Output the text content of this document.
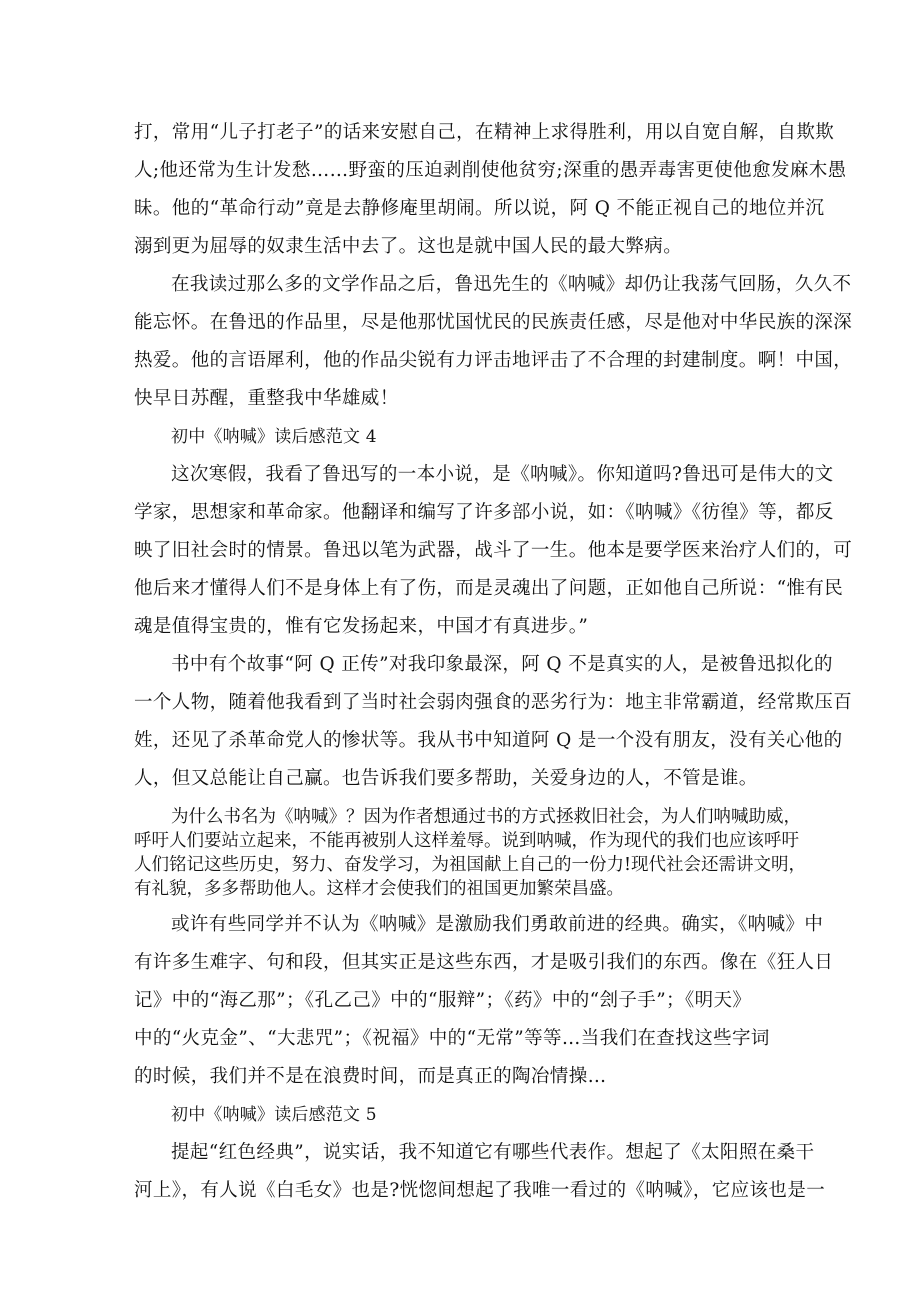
打，常用“儿子打老子”的话来安慰自己，在精神上求得胜利，用以自宽自解，自欺欺
人;他还常为生计发愁……野蛮的压迫剥削使他贫穷;深重的愚弄毒害更使他愈发麻木愚
昧。他的“革命行动”竟是去静修庵里胡闹。所以说，阿 Q 不能正视自己的地位并沉
溺到更为屈辱的奴隶生活中去了。这也是就中国人民的最大弊病。
在我读过那么多的文学作品之后，鲁迅先生的《呐喊》却仍让我荡气回肠，久久不
能忘怀。在鲁迅的作品里，尽是他那忧国忧民的民族责任感，尽是他对中华民族的深深
热爱。他的言语犀利，他的作品尖锐有力评击地评击了不合理的封建制度。啊！中国，
快早日苏醒，重整我中华雄威！
初中《呐喊》读后感范文 4
这次寒假，我看了鲁迅写的一本小说，是《呐喊》。你知道吗?鲁迅可是伟大的文
学家，思想家和革命家。他翻译和编写了许多部小说，如：《呐喊》《彷徨》等，都反
映了旧社会时的情景。鲁迅以笔为武器，战斗了一生。他本是要学医来治疗人们的，可
他后来才懂得人们不是身体上有了伤，而是灵魂出了问题，正如他自己所说：“惟有民
魂是值得宝贵的，惟有它发扬起来，中国才有真进步。”
书中有个故事“阿 Q 正传”对我印象最深，阿 Q 不是真实的人，是被鲁迅拟化的
一个人物，随着他我看到了当时社会弱肉强食的恶劣行为：地主非常霸道，经常欺压百
姓，还见了杀革命党人的惨状等。我从书中知道阿 Q 是一个没有朋友，没有关心他的
人，但又总能让自己赢。也告诉我们要多帮助，关爱身边的人，不管是谁。
为什么书名为《呐喊》？因为作者想通过书的方式拯救旧社会，为人们呐喊助威，
呼吁人们要站立起来，不能再被别人这样羞辱。说到呐喊，作为现代的我们也应该呼吁
人们铭记这些历史，努力、奋发学习，为祖国献上自己的一份力!现代社会还需讲文明，
有礼貌，多多帮助他人。这样才会使我们的祖国更加繁荣昌盛。
或许有些同学并不认为《呐喊》是激励我们勇敢前进的经典。确实，《呐喊》中
有许多生难字、句和段，但其实正是这些东西，才是吸引我们的东西。像在《狂人日
记》中的“海乙那”；《孔乙己》中的“服辩”；《药》中的“刽子手”；《明天》
中的“火克金”、“大悲咒”；《祝福》中的“无常”等等…当我们在查找这些字词
的时候，我们并不是在浪费时间，而是真正的陶冶情操…
初中《呐喊》读后感范文 5
提起“红色经典”，说实话，我不知道它有哪些代表作。想起了《太阳照在桑干
河上》，有人说《白毛女》也是?恍惚间想起了我唯一看过的《呐喊》，它应该也是一
